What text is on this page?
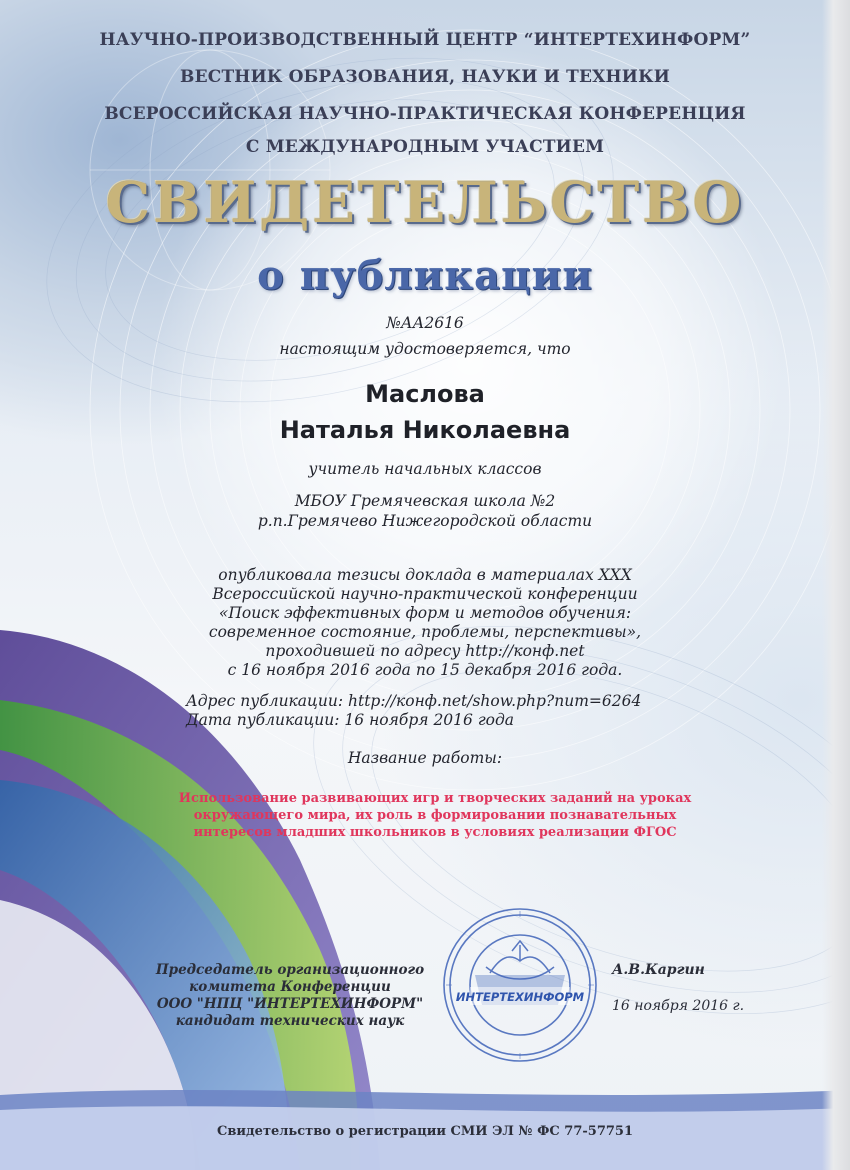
НАУЧНО-ПРОИЗВОДСТВЕННЫЙ ЦЕНТР “ИНТЕРТЕХИНФОРМ”
ВЕСТНИК ОБРАЗОВАНИЯ, НАУКИ И ТЕХНИКИ
ВСЕРОССИЙСКАЯ НАУЧНО-ПРАКТИЧЕСКАЯ КОНФЕРЕНЦИЯ
С МЕЖДУНАРОДНЫМ УЧАСТИЕМ
СВИДЕТЕЛЬСТВО
о публикации
№АА2616
настоящим удостоверяется, что
Маслова
Наталья Николаевна
учитель начальных классов
МБОУ Гремячевская школа №2
р.п.Гремячево Нижегородской области
опубликовала тезисы доклада в материалах XXX
Всероссийской научно-практической конференции
«Поиск эффективных форм и методов обучения:
современное состояние, проблемы, перспективы»,
проходившей по адресу http://конф.net
с 16 ноября 2016 года по 15 декабря 2016 года.
Адрес публикации: http://конф.net/show.php?num=6264
Дата публикации: 16 ноября 2016 года
Название работы:
Использование развивающих игр и творческих заданий на уроках
окружающего мира, их роль в формировании познавательных
интересов младших школьников в условиях реализации ФГОС
Председатель организационного
комитета Конференции
ООО "НПЦ "ИНТЕРТЕХИНФОРМ"
кандидат технических наук
ИНТЕРТЕХИНФОРМ
А.В.Каргин
16 ноября 2016 г.
Свидетельство о регистрации СМИ ЭЛ № ФС 77-57751
